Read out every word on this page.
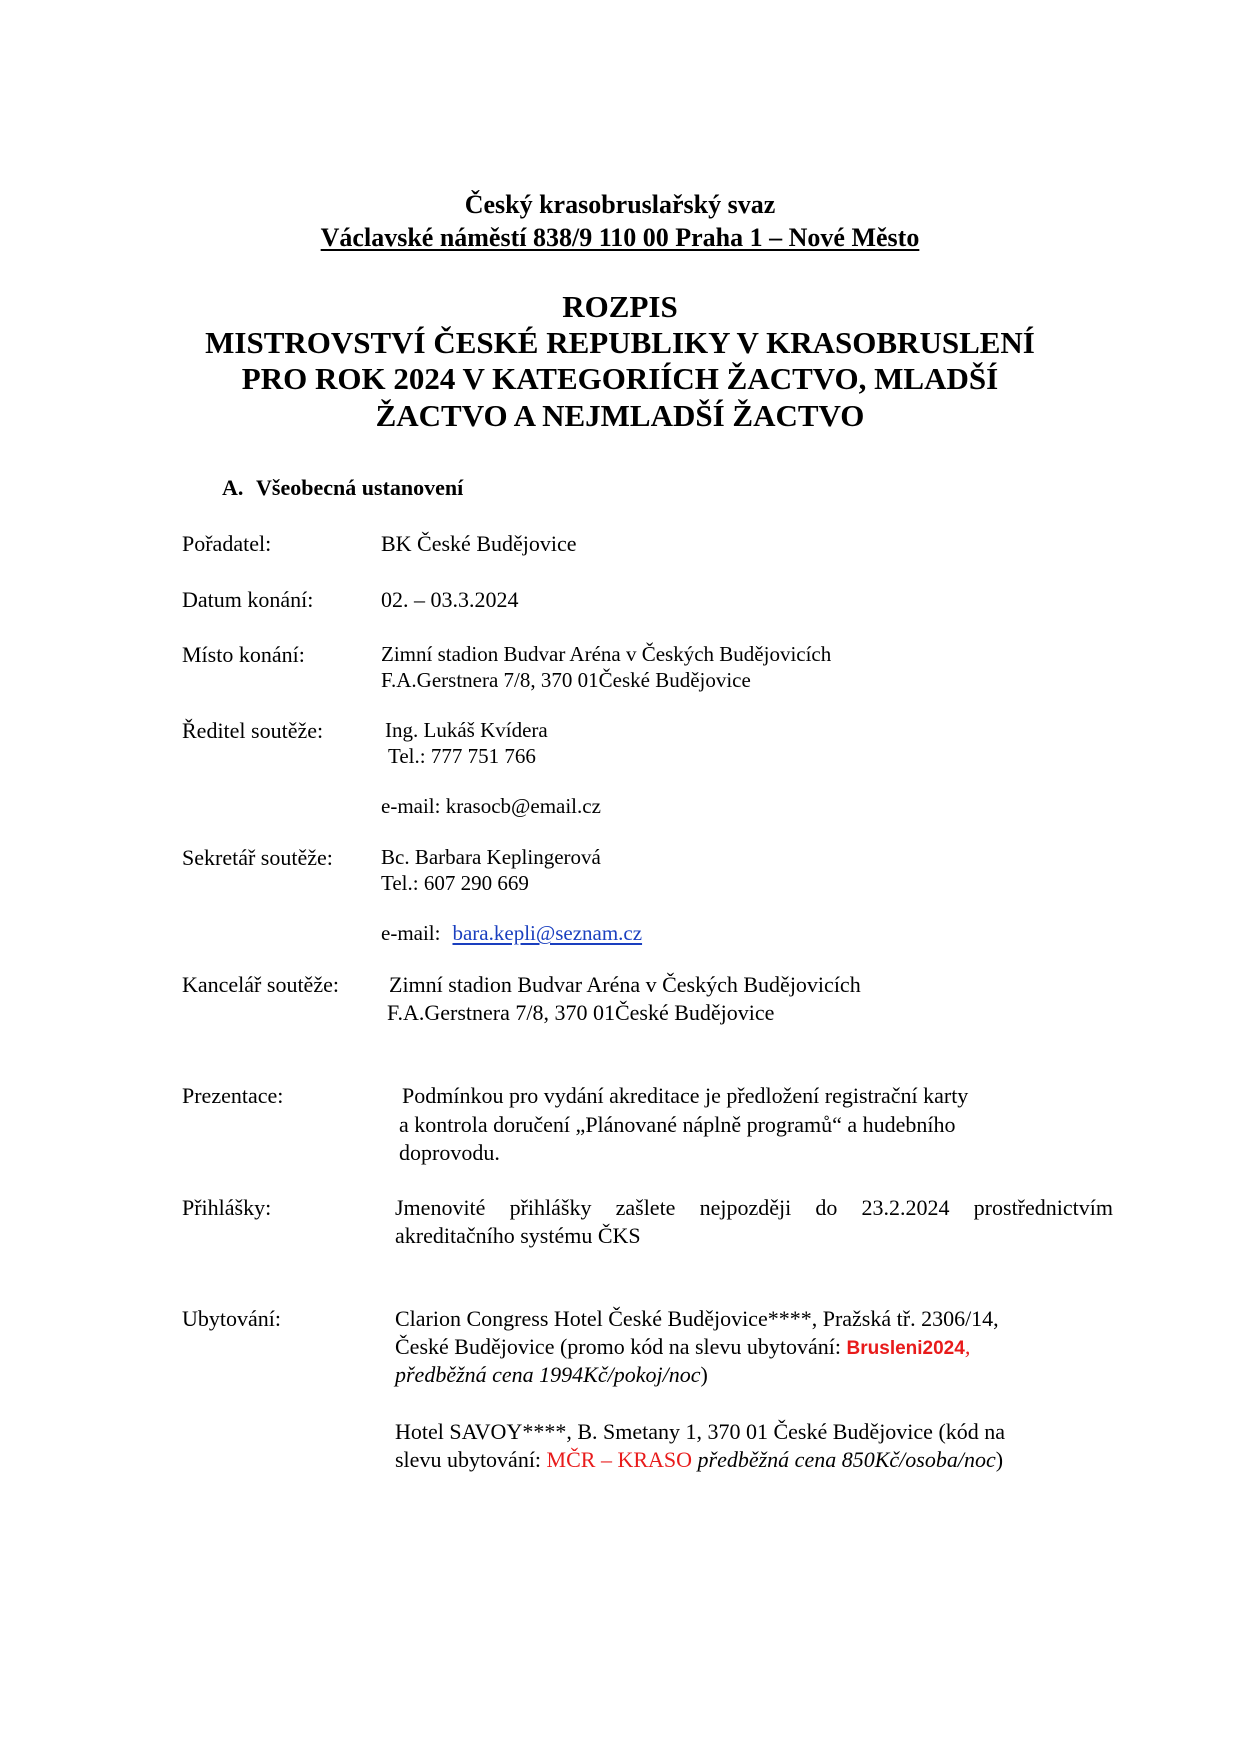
Český krasobruslařský svaz
Václavské náměstí 838/9 110 00 Praha 1 – Nové Město
ROZPIS
MISTROVSTVÍ ČESKÉ REPUBLIKY V KRASOBRUSLENÍ
PRO ROK 2024 V KATEGORIÍCH ŽACTVO, MLADŠÍ
ŽACTVO A NEJMLADŠÍ ŽACTVO
A. Všeobecná ustanovení
Pořadatel:	BK České Budějovice
Datum konání:	02. – 03.3.2024
Místo konání:	Zimní stadion Budvar Aréna v Českých Budějovicích
F.A.Gerstnera 7/8, 370 01České Budějovice
Ředitel soutěže:	Ing. Lukáš Kvídera
Tel.: 777 751 766
e-mail: krasocb@email.cz
Sekretář soutěže: Bc. Barbara Keplingerová
Tel.: 607 290 669
e-mail: bara.kepli@seznam.cz
Kancelář soutěže: Zimní stadion Budvar Aréna v Českých Budějovicích
F.A.Gerstnera 7/8, 370 01České Budějovice
Prezentace:	Podmínkou pro vydání akreditace je předložení registrační karty
a kontrola doručení „Plánované náplně programů“ a hudebního
doprovodu.
Přihlášky:	Jmenovité přihlášky zašlete nejpozději do 23.2.2024 prostřednictvím
akreditačního systému ČKS
Ubytování:	Clarion Congress Hotel České Budějovice****, Pražská tř. 2306/14,
České Budějovice (promo kód na slevu ubytování: Brusleni2024,
předběžná cena 1994Kč/pokoj/noc)
Hotel SAVOY****, B. Smetany 1, 370 01 České Budějovice (kód na
slevu ubytování: MČR – KRASO předběžná cena 850Kč/osoba/noc)
